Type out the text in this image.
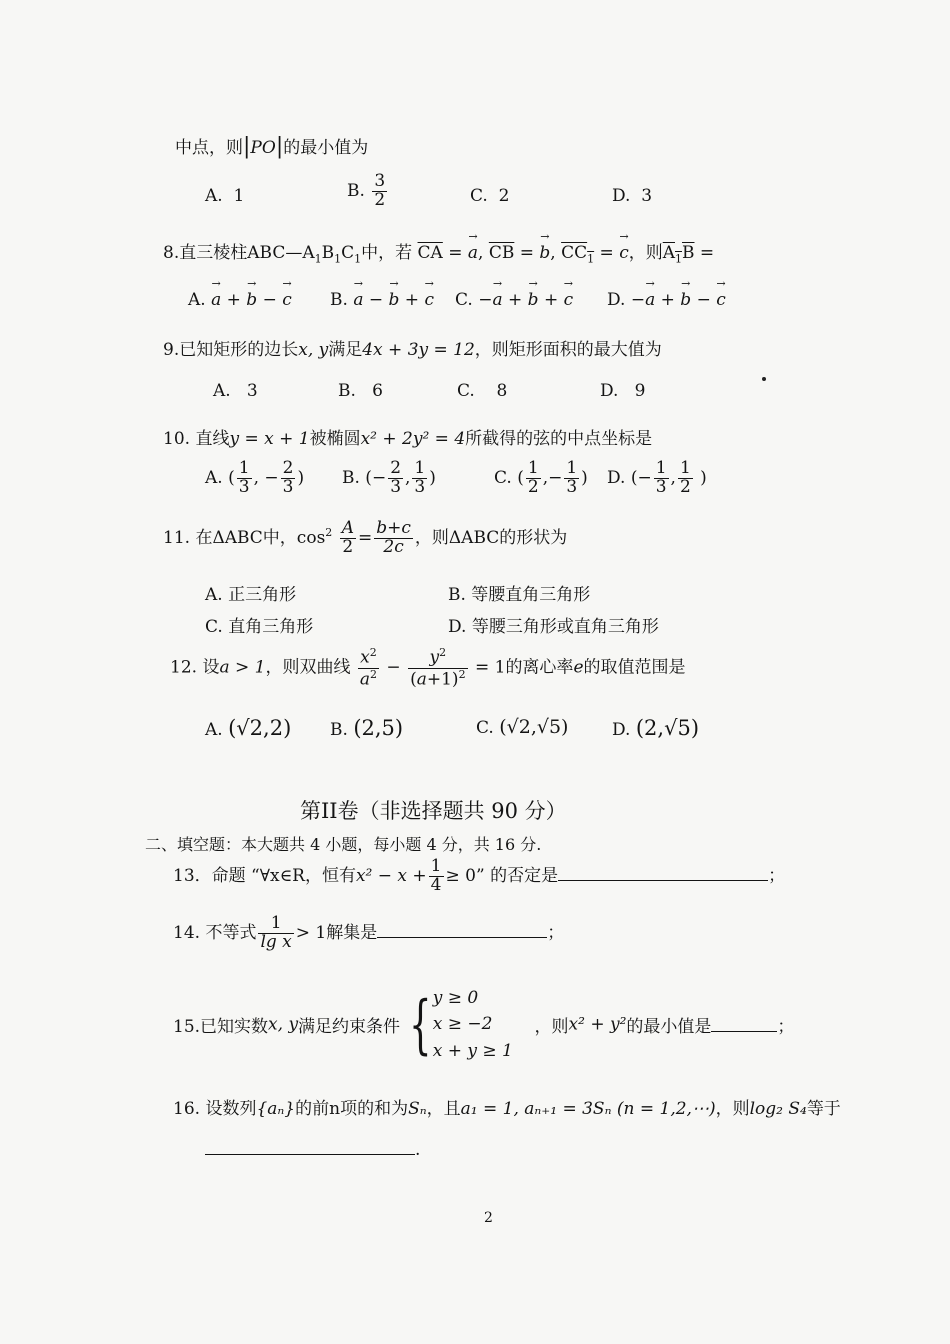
中点，则|PO|的最小值为
A. 1	B. $\frac{3}{2}$	C. 2	D. 3
8.直三棱柱$ABC—A_1B_1C_1$中，若 $\overline{CA}$ = → a, $\overline{CB}$ = → b, $CC_1$ = → c，则$A_1B$ =
A. → a + → b − → c B. → a − → b + → c C. −→ a + → b + → c D. −→ a + → b − → c
9.已知矩形的边长x, y满足4x + 3y = 12，则矩形面积的最大值为
A. 3	B. 6	C. 8	D. 9
10. 直线y = x + 1被椭圆x² + 2y² = 4所截得的弦的中点坐标是
A. ( $\frac{1}{3}$ , − $\frac{2}{3}$ ) B. (− $\frac{2}{3}$ , $\frac{1}{3}$ )	C. ( $\frac{1}{2}$ ,− $\frac{1}{3}$ ) D. (− $\frac{1}{3}$ , $\frac{1}{2}$ )
11. 在ΔABC中，$\cos^2 \frac{A}{2} = \frac{b+c}{2c}$ ，则ΔABC的形状为
A. 正三角形	B. 等腰直角三角形
C. 直角三角形	D. 等腰三角形或直角三角形
12. 设a > 1，则双曲线 $\frac{x^2}{a^2} - \frac{y^2}{(a+1)^2} = 1$的离心率e的取值范围是
A. (√2,2) B. (2,5)	C. (√2,√5)	D. (2,√5)
第II卷（非选择题共 90 分）
二、填空题：本大题共 4 小题，每小题 4 分，共 16 分.
13．命题 “∀x∈R，恒有$x^2 - x + \frac{1}{4} \ge 0$” 的否定是	；
14. 不等式 $\frac{1}{\text{lg x}} > 1$解集是	；
15.已知实数x, y满足约束条件 {y ≥ 0
x ≥ −2
x + y ≥ 1    ，则x² + y²的最小值是	；
16. 设数列{aₙ}的前n项的和为Sₙ，且a₁ = 1, aₙ₊₁ = 3Sₙ (n = 1,2,⋯)，则log₂ S₄等于
.
2
